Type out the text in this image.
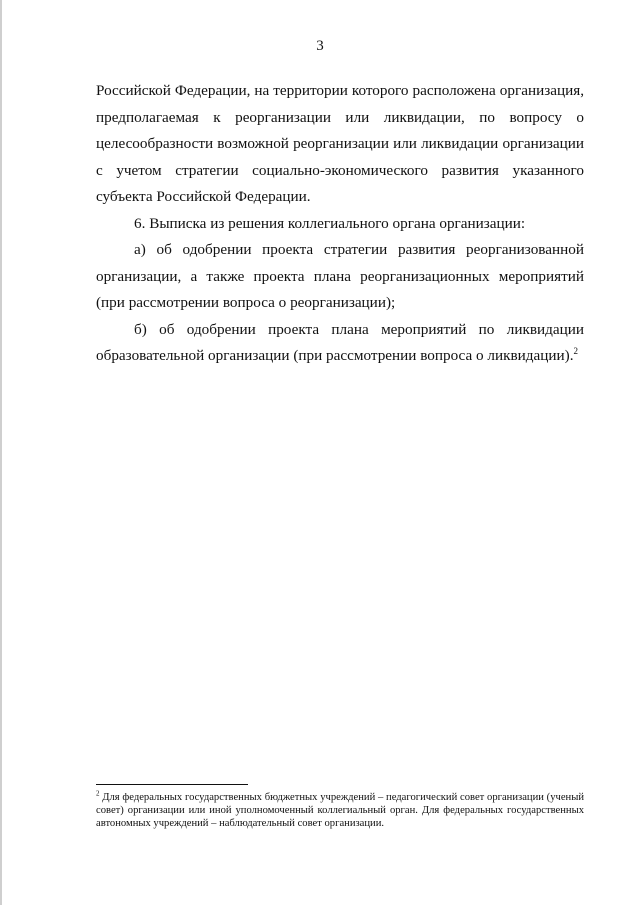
3

Российской Федерации, на территории которого расположена организация, предполагаемая к реорганизации или ликвидации, по вопросу о целесообразности возможной реорганизации или ликвидации организации с учетом стратегии социально-экономического развития указанного субъекта Российской Федерации.

6. Выписка из решения коллегиального органа организации:

а) об одобрении проекта стратегии развития реорганизованной организации, а также проекта плана реорганизационных мероприятий (при рассмотрении вопроса о реорганизации);

б) об одобрении проекта плана мероприятий по ликвидации образовательной организации (при рассмотрении вопроса о ликвидации).$^2$

$^2$ Для федеральных государственных бюджетных учреждений – педагогический совет организации (ученый совет) организации или иной уполномоченный коллегиальный орган. Для федеральных государственных автономных учреждений – наблюдательный совет организации.
